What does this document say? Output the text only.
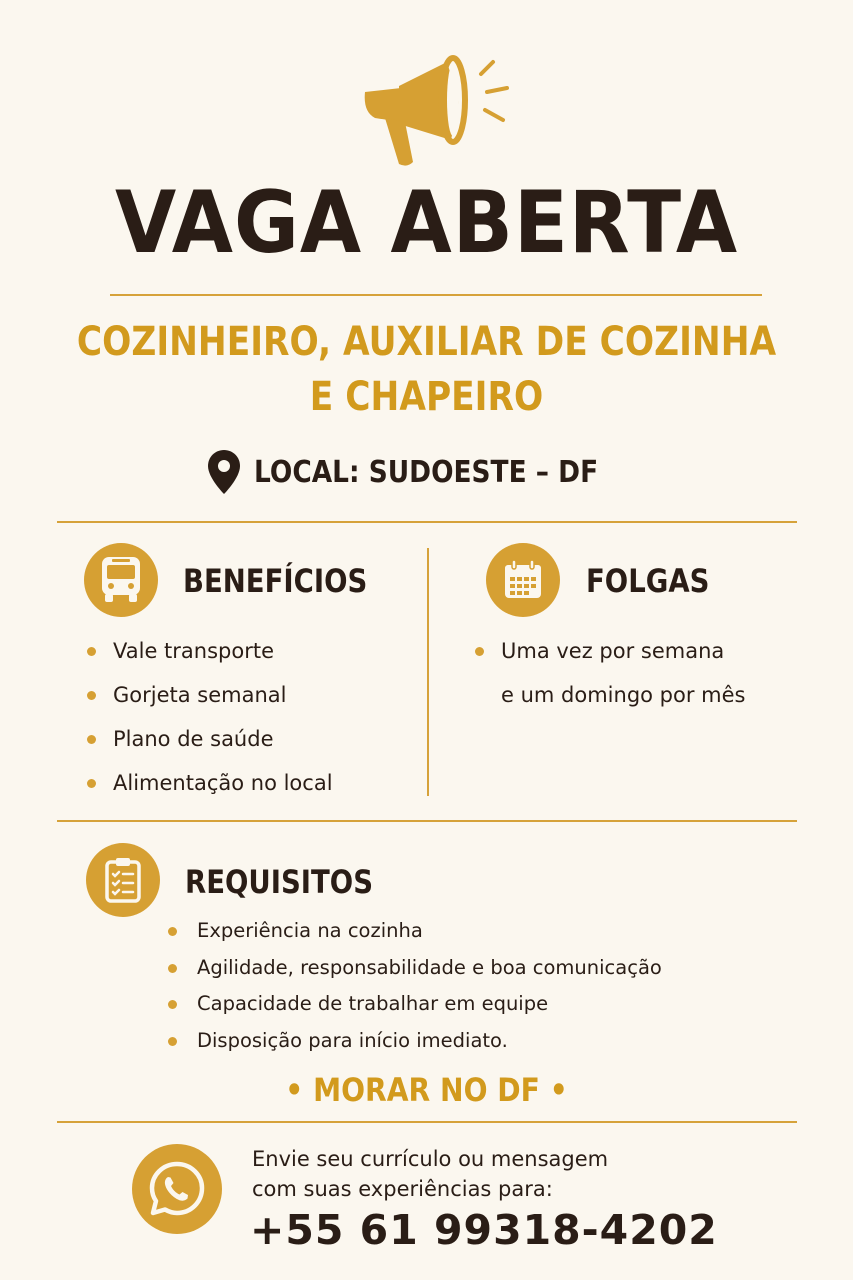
VAGA ABERTA
COZINHEIRO, AUXILIAR DE COZINHA
E CHAPEIRO
LOCAL: SUDOESTE – DF
BENEFÍCIOS
Vale transporte
Gorjeta semanal
Plano de saúde
Alimentação no local
FOLGAS
Uma vez por semana
e um domingo por mês
REQUISITOS
Experiência na cozinha
Agilidade, responsabilidade e boa comunicação
Capacidade de trabalhar em equipe
Disposição para início imediato.
• MORAR NO DF •
Envie seu currículo ou mensagem
com suas experiências para:
+55 61 99318-4202
